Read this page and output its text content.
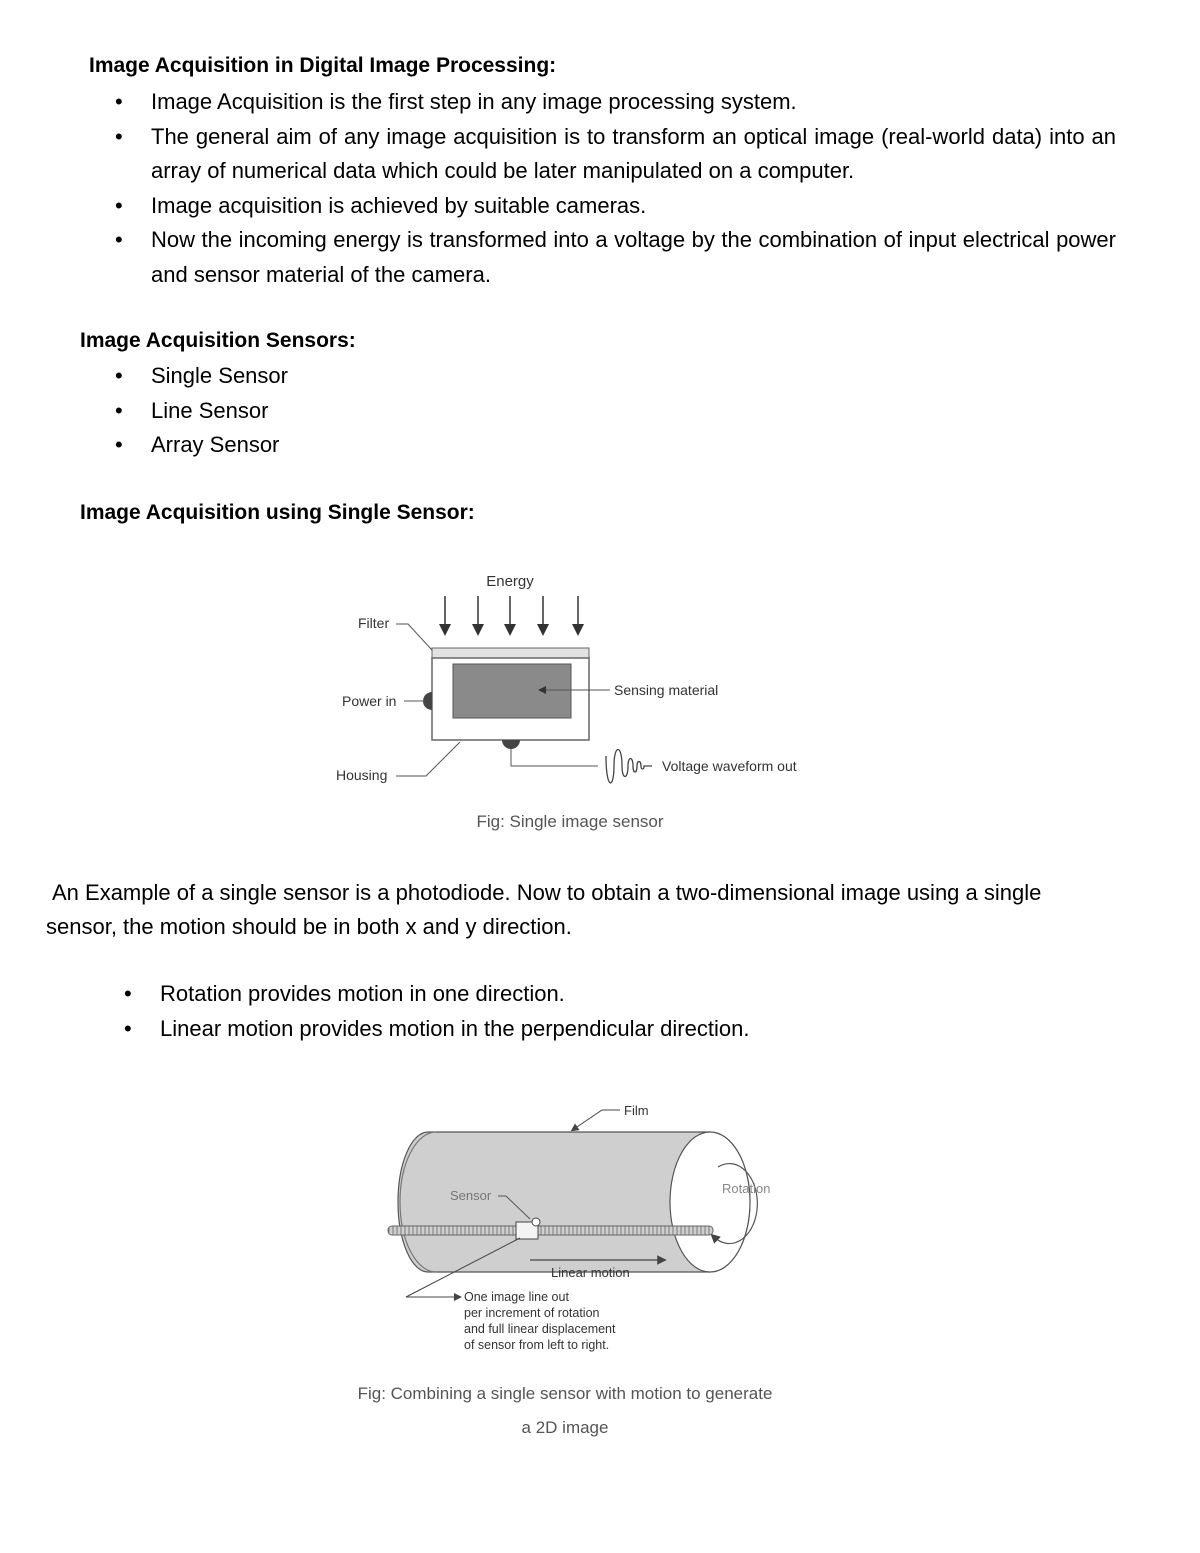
Image Acquisition in Digital Image Processing:

• Image Acquisition is the first step in any image processing system.
• The general aim of any image acquisition is to transform an optical image (real-world data) into an array of numerical data which could be later manipulated on a computer.
• Image acquisition is achieved by suitable cameras.
• Now the incoming energy is transformed into a voltage by the combination of input electrical power and sensor material of the camera.

Image Acquisition Sensors:

• Single Sensor
• Line Sensor
• Array Sensor

Image Acquisition using Single Sensor:

Energy
Filter
Power in
Housing
Sensing material
Voltage waveform out
Fig: Single image sensor

An Example of a single sensor is a photodiode. Now to obtain a two-dimensional image using a single sensor, the motion should be in both x and y direction.

• Rotation provides motion in one direction.
• Linear motion provides motion in the perpendicular direction.
Rotation
Film
Sensor
Linear motion
One image line out
per increment of rotation
and full linear displacement
of sensor from left to right.
Fig: Combining a single sensor with motion to generate
a 2D image
